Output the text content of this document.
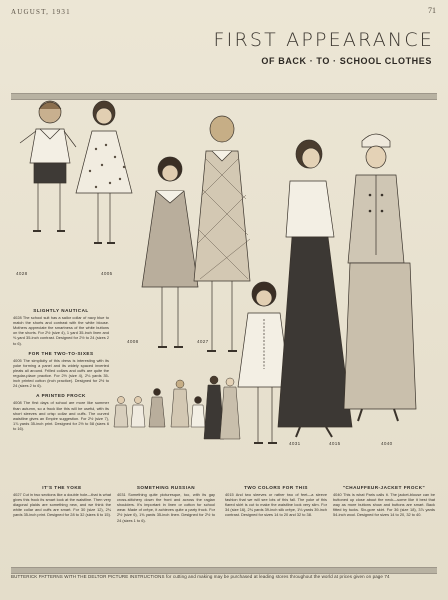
AUGUST, 1931	71
FIRST APPEARANCE
OF BACK · TO · SCHOOL CLOTHES
4028	4005
4008	4027
4031	4015	4040
SLIGHTLY NAUTICAL

4028 The school suit has a sailor collar of navy blue to match the shorts and contrast with the white blouse. Mothers appreciate the smartness of the white buttons on the shorts. For 2½ (size 4), 1 yard 35-inch linen and ⅜ yard 35-inch contrast. Designed for 2½ to 24 (sizes 2 to 6).

FOR THE TWO-TO-SIXES

4005 The simplicity of this dress is interesting with its yoke forming a panel and its widely spaced inverted pleats all around. Frilled collars and cuffs are quite the regular-place practice. For 2½ (size 4), 2⅛ yards 35-inch printed cotton (inch practice). Designed for 2½ to 24 (sizes 2 to 6).

A PRINTED FROCK

4008 The first days of school are more like summer than autumn, so a frock like this will be useful, with its short sleeves and crisp collar and cuffs. The curved waistline gives an Empire suggestion. For 2½ (size 7), 1⅞ yards 35-inch print. Designed for 2½ to 58 (sizes 6 to 16).

IT'S THE YOKE

4027 Cut in two sections like a double hole—that is what gives this frock its smart look at the waistline. Then very diagonal plaids are something new, and we think the white collar and cuffs are smart. For 30 (size 12), 2¾ yards 35-inch print. Designed for 28 to 32 (sizes 6 to 15).

SOMETHING RUSSIAN

4031 Something quite picturesque, too, with its gay cross-stitchery down the front and across the raglan shoulders. It's important in linen or cotton for school wear. Made of crêpe, it achieves quite a party frock. For 2½ (size 6), 1⅝ yards 35-inch linen. Designed for 2½ to 24 (sizes 1 to 6).

TWO COLORS FOR THIS

4015 And two sleeves or rather two of feet—a sleeve fashion that we will see lots of this fall. The yoke of this flared skirt is cut to make the waistline look very slim. For 34 (size 16), 2¾ yards 39-inch silk crêpe, 1⅛ yards 39-inch contrast. Designed for sizes 14 to 20 and 32 to 38.

"CHAUFFEUR-JACKET FROCK"

4040 This is what Paris calls it. The jacket-blouse can be buttoned up close about the neck—some like it best that way as more buttons show and buttons are smart. Back fitted by tucks. Six-gore skirt. For 36 (size 18), 3⅞ yards 54-inch wool. Designed for sizes 14 to 20, 32 to 40.

BUTTERICK PATTERNS WITH THE DELTOR PICTURE INSTRUCTIONS for cutting and making may be purchased at leading stores throughout the world at prices given on page 74
